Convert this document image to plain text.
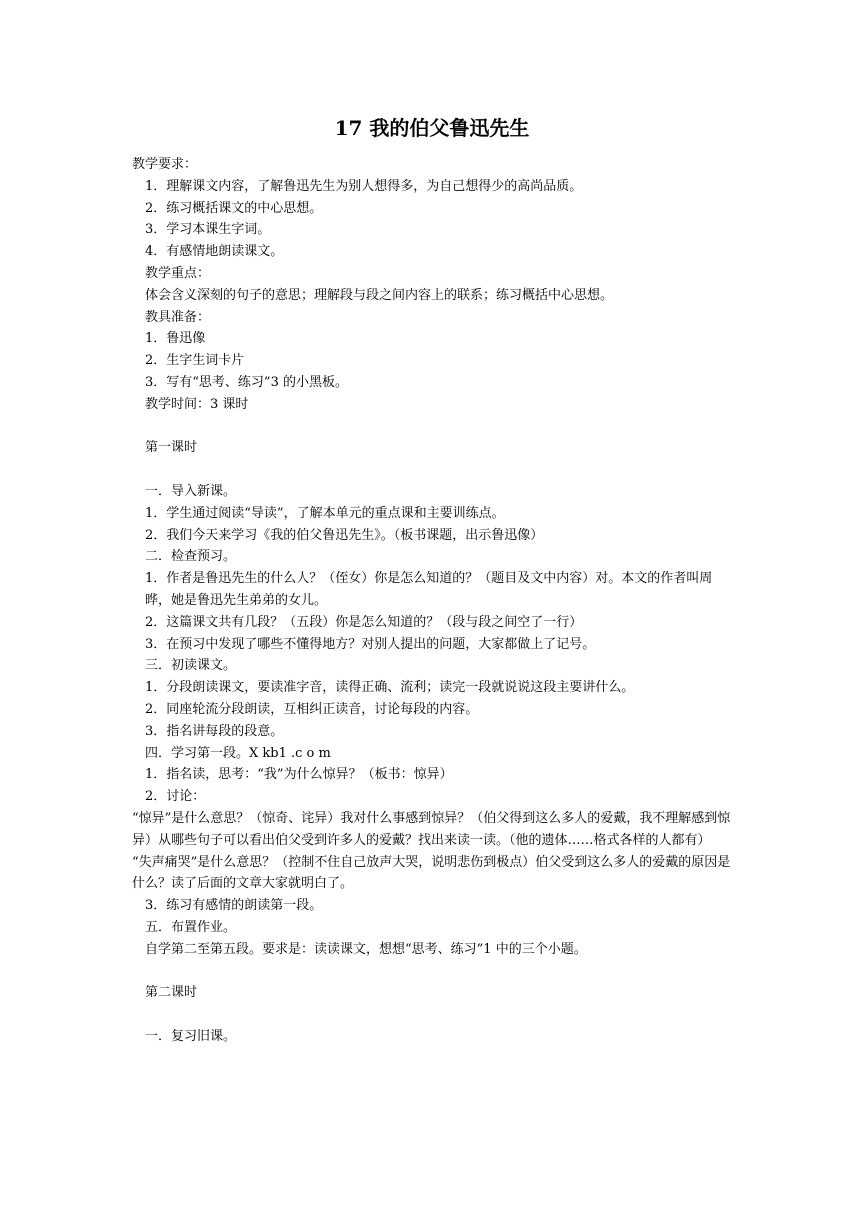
17 我的伯父鲁迅先生
教学要求：
1．理解课文内容，了解鲁迅先生为别人想得多，为自己想得少的高尚品质。
2．练习概括课文的中心思想。
3．学习本课生字词。
4．有感情地朗读课文。
教学重点：
体会含义深刻的句子的意思；理解段与段之间内容上的联系；练习概括中心思想。
教具准备：
1．鲁迅像
2．生字生词卡片
3．写有“思考、练习”3 的小黑板。
教学时间：3 课时
第一课时
一．导入新课。
1．学生通过阅读“导读”，了解本单元的重点课和主要训练点。
2．我们今天来学习《我的伯父鲁迅先生》。（板书课题，出示鲁迅像）
二．检查预习。
1．作者是鲁迅先生的什么人？（侄女）你是怎么知道的？（题目及文中内容）对。本文的作者叫周晔，她是鲁迅先生弟弟的女儿。
2．这篇课文共有几段？（五段）你是怎么知道的？（段与段之间空了一行）
3．在预习中发现了哪些不懂得地方？对别人提出的问题，大家都做上了记号。
三．初读课文。
1．分段朗读课文，要读准字音，读得正确、流利；读完一段就说说这段主要讲什么。
2．同座轮流分段朗读，互相纠正读音，讨论每段的内容。
3．指名讲每段的段意。
四．学习第一段。X kb1 .c o m
1．指名读，思考：“我”为什么惊异？（板书：惊异）
2．讨论：
“惊异”是什么意思？（惊奇、诧异）我对什么事感到惊异？（伯父得到这么多人的爱戴，我不理解感到惊异）从哪些句子可以看出伯父受到许多人的爱戴？找出来读一读。（他的遗体……格式各样的人都有）
“失声痛哭”是什么意思？（控制不住自己放声大哭，说明悲伤到极点）伯父受到这么多人的爱戴的原因是什么？读了后面的文章大家就明白了。
3．练习有感情的朗读第一段。
五．布置作业。
自学第二至第五段。要求是：读读课文，想想“思考、练习”1 中的三个小题。
第二课时
一．复习旧课。
